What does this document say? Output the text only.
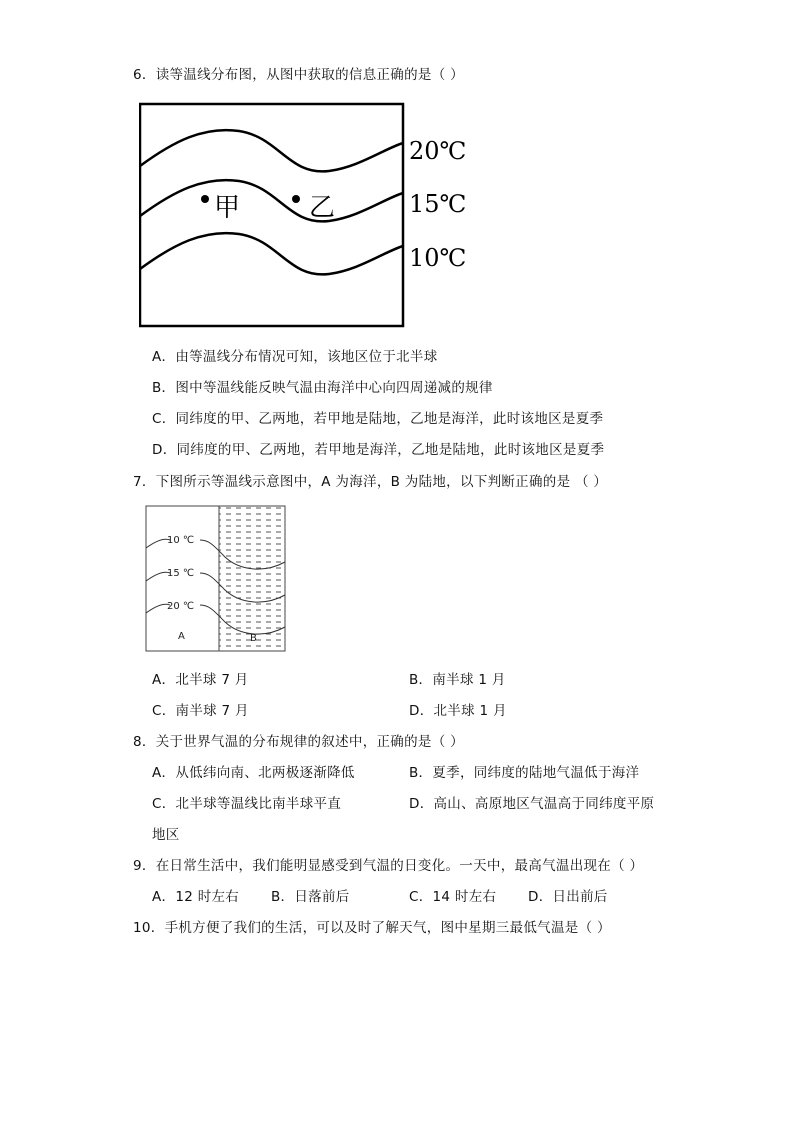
6．读等温线分布图，从图中获取的信息正确的是（ ）
甲	乙
20℃
15℃
10℃
A．由等温线分布情况可知，该地区位于北半球
B．图中等温线能反映气温由海洋中心向四周递减的规律
C．同纬度的甲、乙两地，若甲地是陆地，乙地是海洋，此时该地区是夏季
D．同纬度的甲、乙两地，若甲地是海洋，乙地是陆地，此时该地区是夏季
7．下图所示等温线示意图中，A 为海洋，B 为陆地，以下判断正确的是 （ ）
10 ℃
15 ℃
20 ℃
A	B
A．北半球 7 月	B．南半球 1 月
C．南半球 7 月	D．北半球 1 月
8．关于世界气温的分布规律的叙述中，正确的是（ ）
A．从低纬向南、北两极逐渐降低	B．夏季，同纬度的陆地气温低于海洋
C．北半球等温线比南半球平直	D．高山、高原地区气温高于同纬度平原
地区
9．在日常生活中，我们能明显感受到气温的日变化。一天中，最高气温出现在（ ）
A．12 时左右 B．日落前后	C．14 时左右 D．日出前后
10．手机方便了我们的生活，可以及时了解天气，图中星期三最低气温是（ ）
